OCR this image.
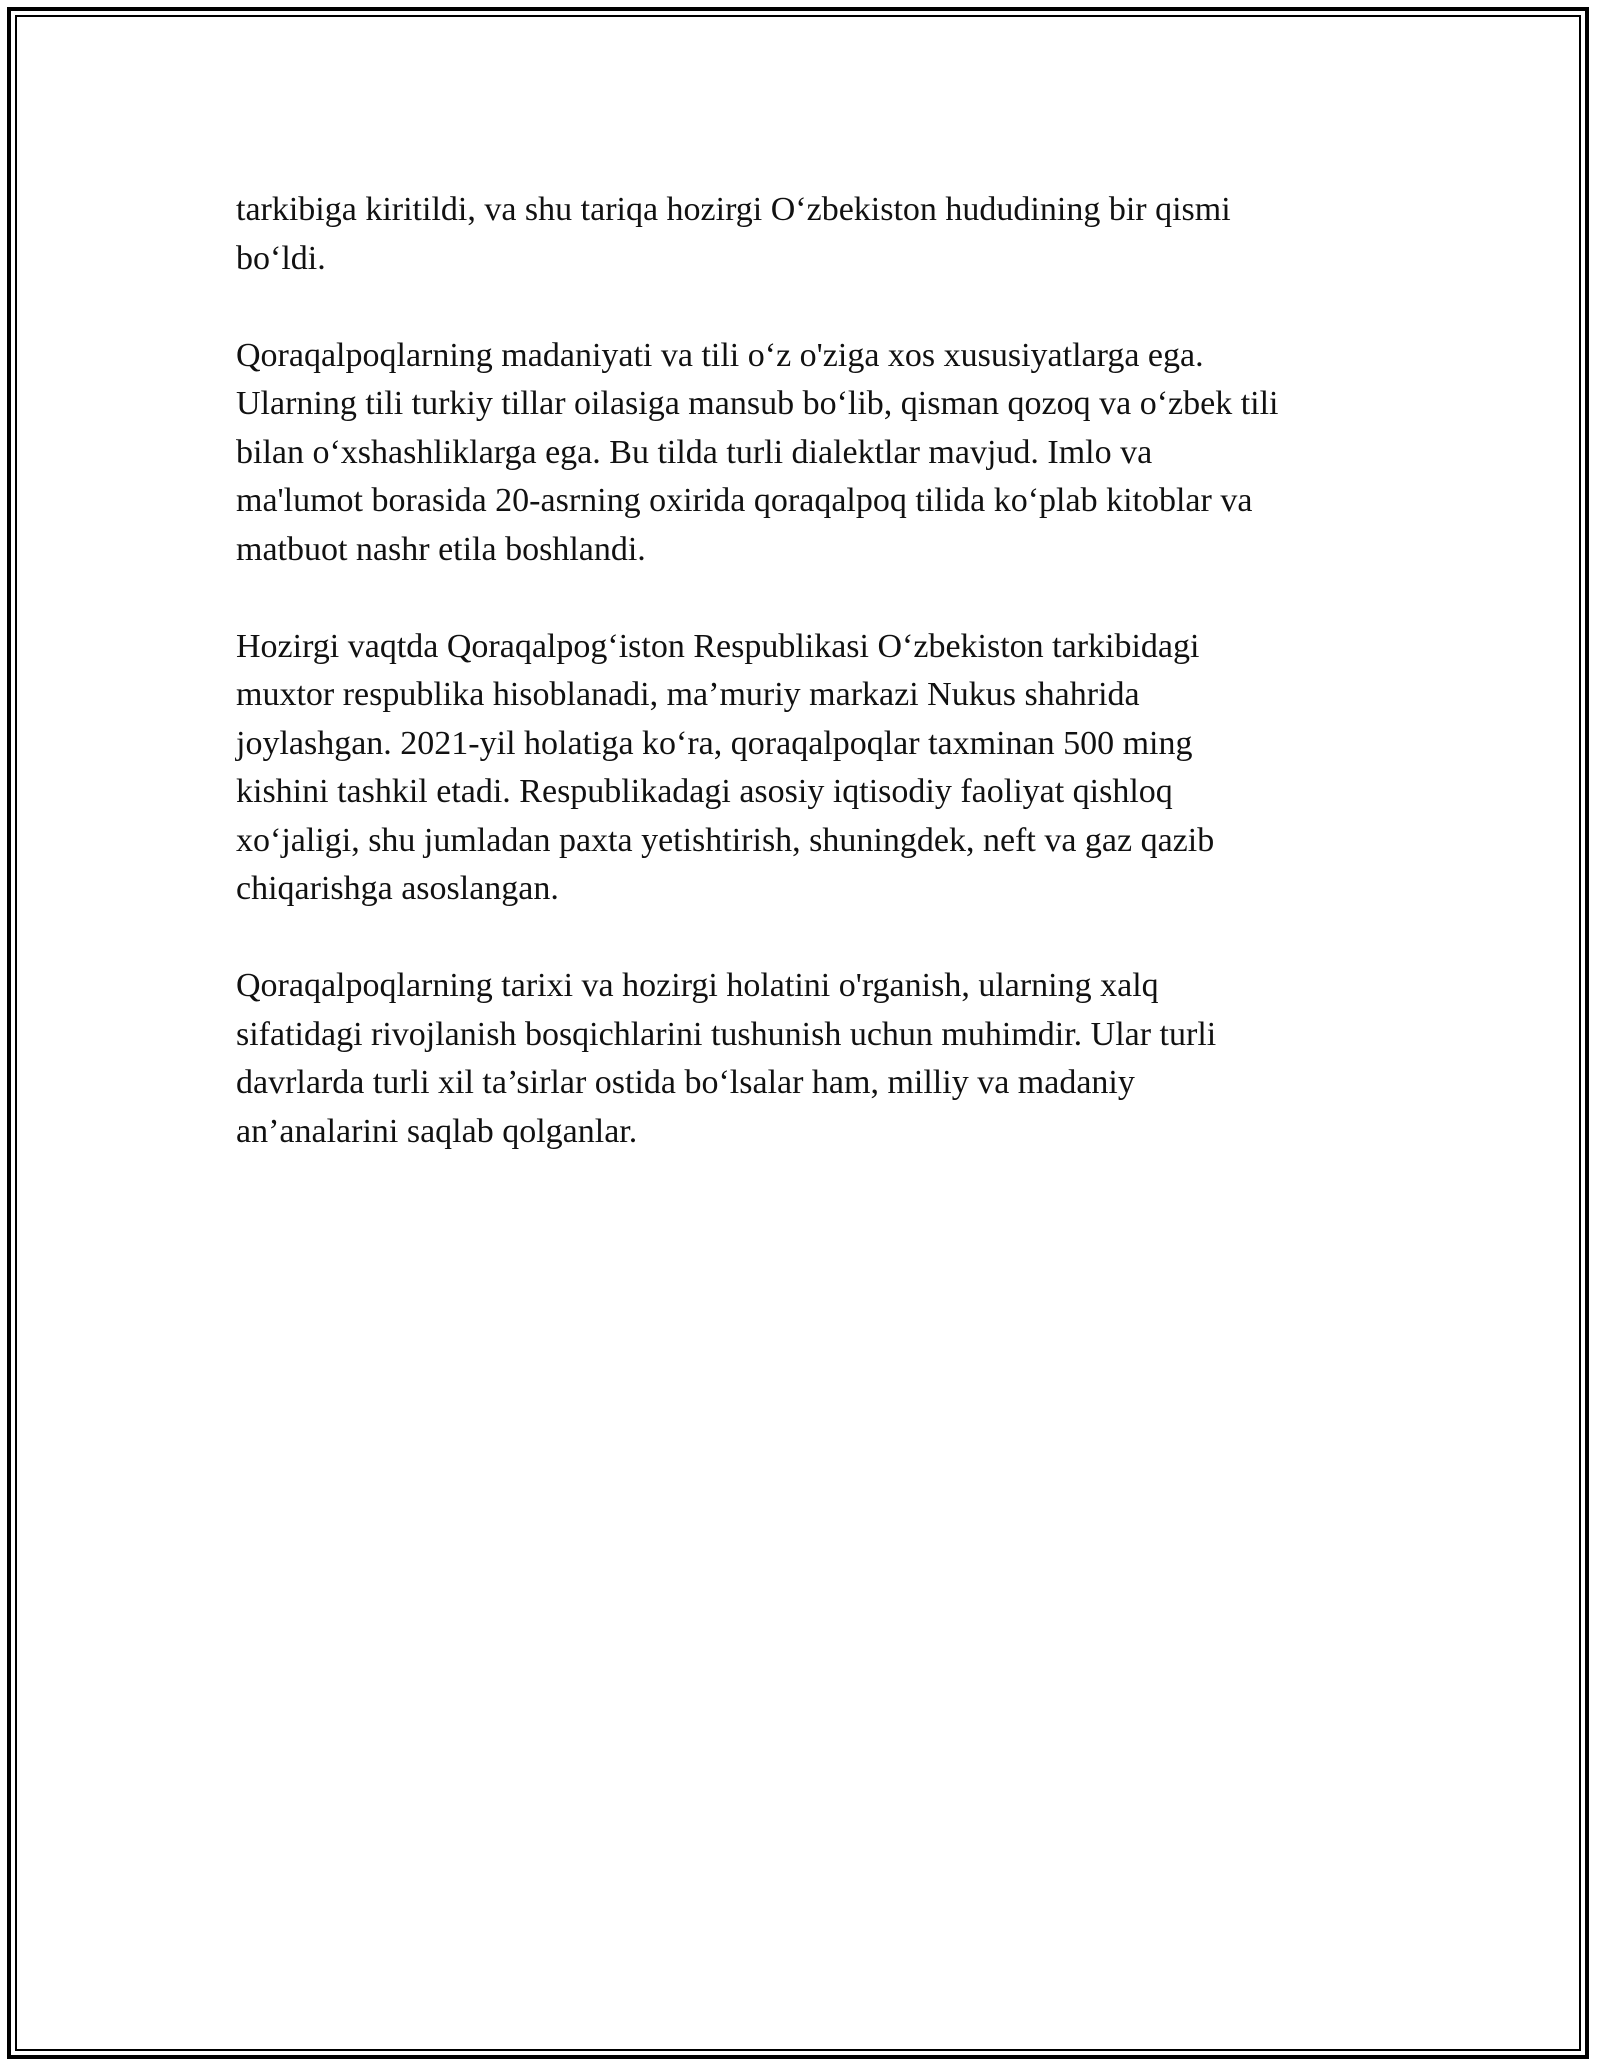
tarkibiga kiritildi, va shu tariqa hozirgi O‘zbekiston hududining bir qismi
bo‘ldi.

Qoraqalpoqlarning madaniyati va tili o‘z o'ziga xos xususiyatlarga ega.
Ularning tili turkiy tillar oilasiga mansub bo‘lib, qisman qozoq va o‘zbek tili
bilan o‘xshashliklarga ega. Bu tilda turli dialektlar mavjud. Imlo va
ma'lumot borasida 20-asrning oxirida qoraqalpoq tilida ko‘plab kitoblar va
matbuot nashr etila boshlandi.

Hozirgi vaqtda Qoraqalpog‘iston Respublikasi O‘zbekiston tarkibidagi
muxtor respublika hisoblanadi, ma’muriy markazi Nukus shahrida
joylashgan. 2021-yil holatiga ko‘ra, qoraqalpoqlar taxminan 500 ming
kishini tashkil etadi. Respublikadagi asosiy iqtisodiy faoliyat qishloq
xo‘jaligi, shu jumladan paxta yetishtirish, shuningdek, neft va gaz qazib
chiqarishga asoslangan.

Qoraqalpoqlarning tarixi va hozirgi holatini o'rganish, ularning xalq
sifatidagi rivojlanish bosqichlarini tushunish uchun muhimdir. Ular turli
davrlarda turli xil ta’sirlar ostida bo‘lsalar ham, milliy va madaniy
an’analarini saqlab qolganlar.
